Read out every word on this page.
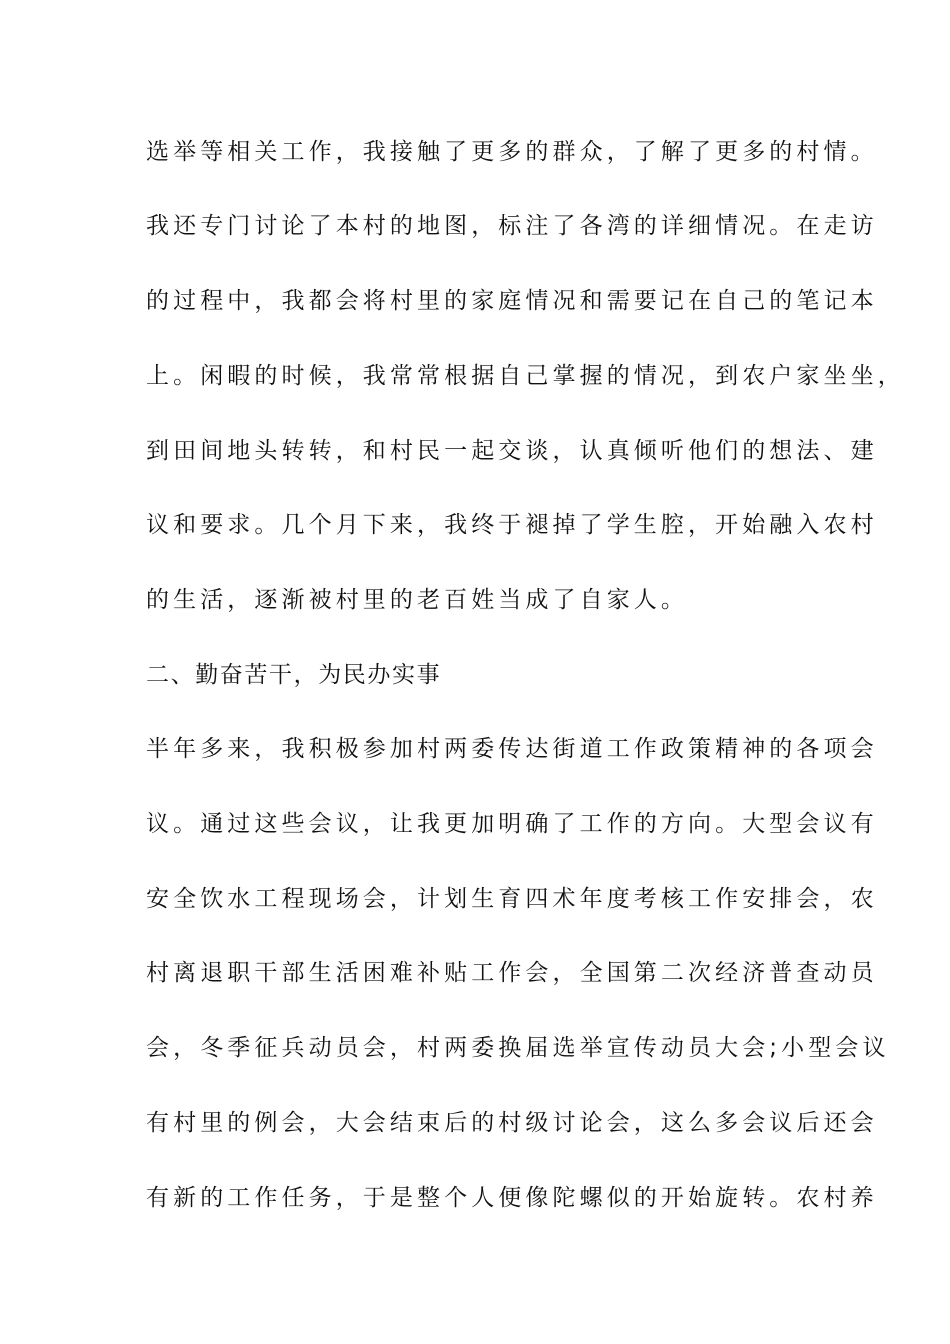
选举等相关工作，我接触了更多的群众，了解了更多的村情。
我还专门讨论了本村的地图，标注了各湾的详细情况。在走访
的过程中，我都会将村里的家庭情况和需要记在自己的笔记本
上。闲暇的时候，我常常根据自己掌握的情况，到农户家坐坐，
到田间地头转转，和村民一起交谈，认真倾听他们的想法、建
议和要求。几个月下来，我终于褪掉了学生腔，开始融入农村
的生活，逐渐被村里的老百姓当成了自家人。
二、勤奋苦干，为民办实事
半年多来，我积极参加村两委传达街道工作政策精神的各项会
议。通过这些会议，让我更加明确了工作的方向。大型会议有
安全饮水工程现场会，计划生育四术年度考核工作安排会，农
村离退职干部生活困难补贴工作会，全国第二次经济普查动员
会，冬季征兵动员会，村两委换届选举宣传动员大会;小型会议
有村里的例会，大会结束后的村级讨论会，这么多会议后还会
有新的工作任务，于是整个人便像陀螺似的开始旋转。农村养
